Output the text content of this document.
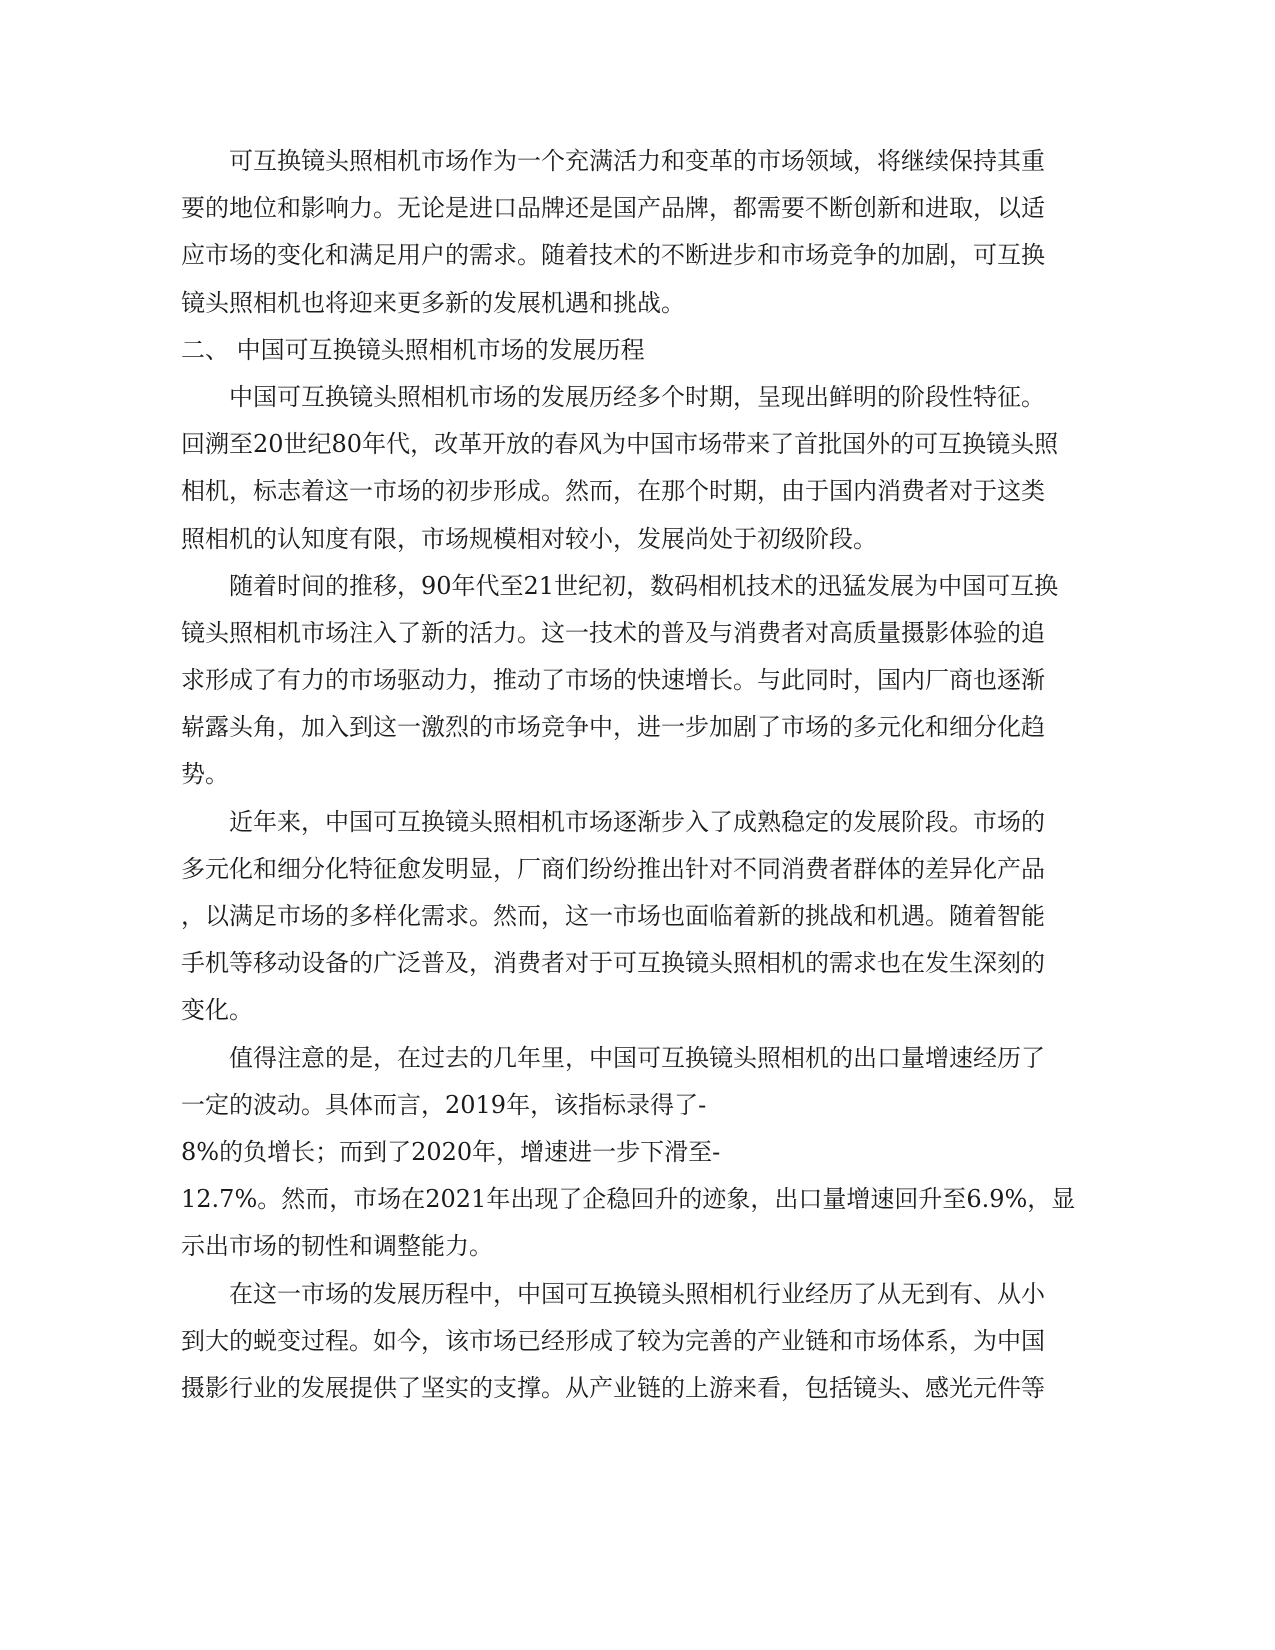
可互换镜头照相机市场作为一个充满活力和变革的市场领域，将继续保持其重
要的地位和影响力。无论是进口品牌还是国产品牌，都需要不断创新和进取，以适
应市场的变化和满足用户的需求。随着技术的不断进步和市场竞争的加剧，可互换
镜头照相机也将迎来更多新的发展机遇和挑战。
二、 中国可互换镜头照相机市场的发展历程
中国可互换镜头照相机市场的发展历经多个时期，呈现出鲜明的阶段性特征。
回溯至20世纪80年代，改革开放的春风为中国市场带来了首批国外的可互换镜头照
相机，标志着这一市场的初步形成。然而，在那个时期，由于国内消费者对于这类
照相机的认知度有限，市场规模相对较小，发展尚处于初级阶段。
随着时间的推移，90年代至21世纪初，数码相机技术的迅猛发展为中国可互换
镜头照相机市场注入了新的活力。这一技术的普及与消费者对高质量摄影体验的追
求形成了有力的市场驱动力，推动了市场的快速增长。与此同时，国内厂商也逐渐
崭露头角，加入到这一激烈的市场竞争中，进一步加剧了市场的多元化和细分化趋
势。
近年来，中国可互换镜头照相机市场逐渐步入了成熟稳定的发展阶段。市场的
多元化和细分化特征愈发明显，厂商们纷纷推出针对不同消费者群体的差异化产品
，以满足市场的多样化需求。然而，这一市场也面临着新的挑战和机遇。随着智能
手机等移动设备的广泛普及，消费者对于可互换镜头照相机的需求也在发生深刻的
变化。
值得注意的是，在过去的几年里，中国可互换镜头照相机的出口量增速经历了
一定的波动。具体而言，2019年，该指标录得了-
8%的负增长；而到了2020年，增速进一步下滑至-
12.7%。然而，市场在2021年出现了企稳回升的迹象，出口量增速回升至6.9%，显
示出市场的韧性和调整能力。
在这一市场的发展历程中，中国可互换镜头照相机行业经历了从无到有、从小
到大的蜕变过程。如今，该市场已经形成了较为完善的产业链和市场体系，为中国
摄影行业的发展提供了坚实的支撑。从产业链的上游来看，包括镜头、感光元件等
